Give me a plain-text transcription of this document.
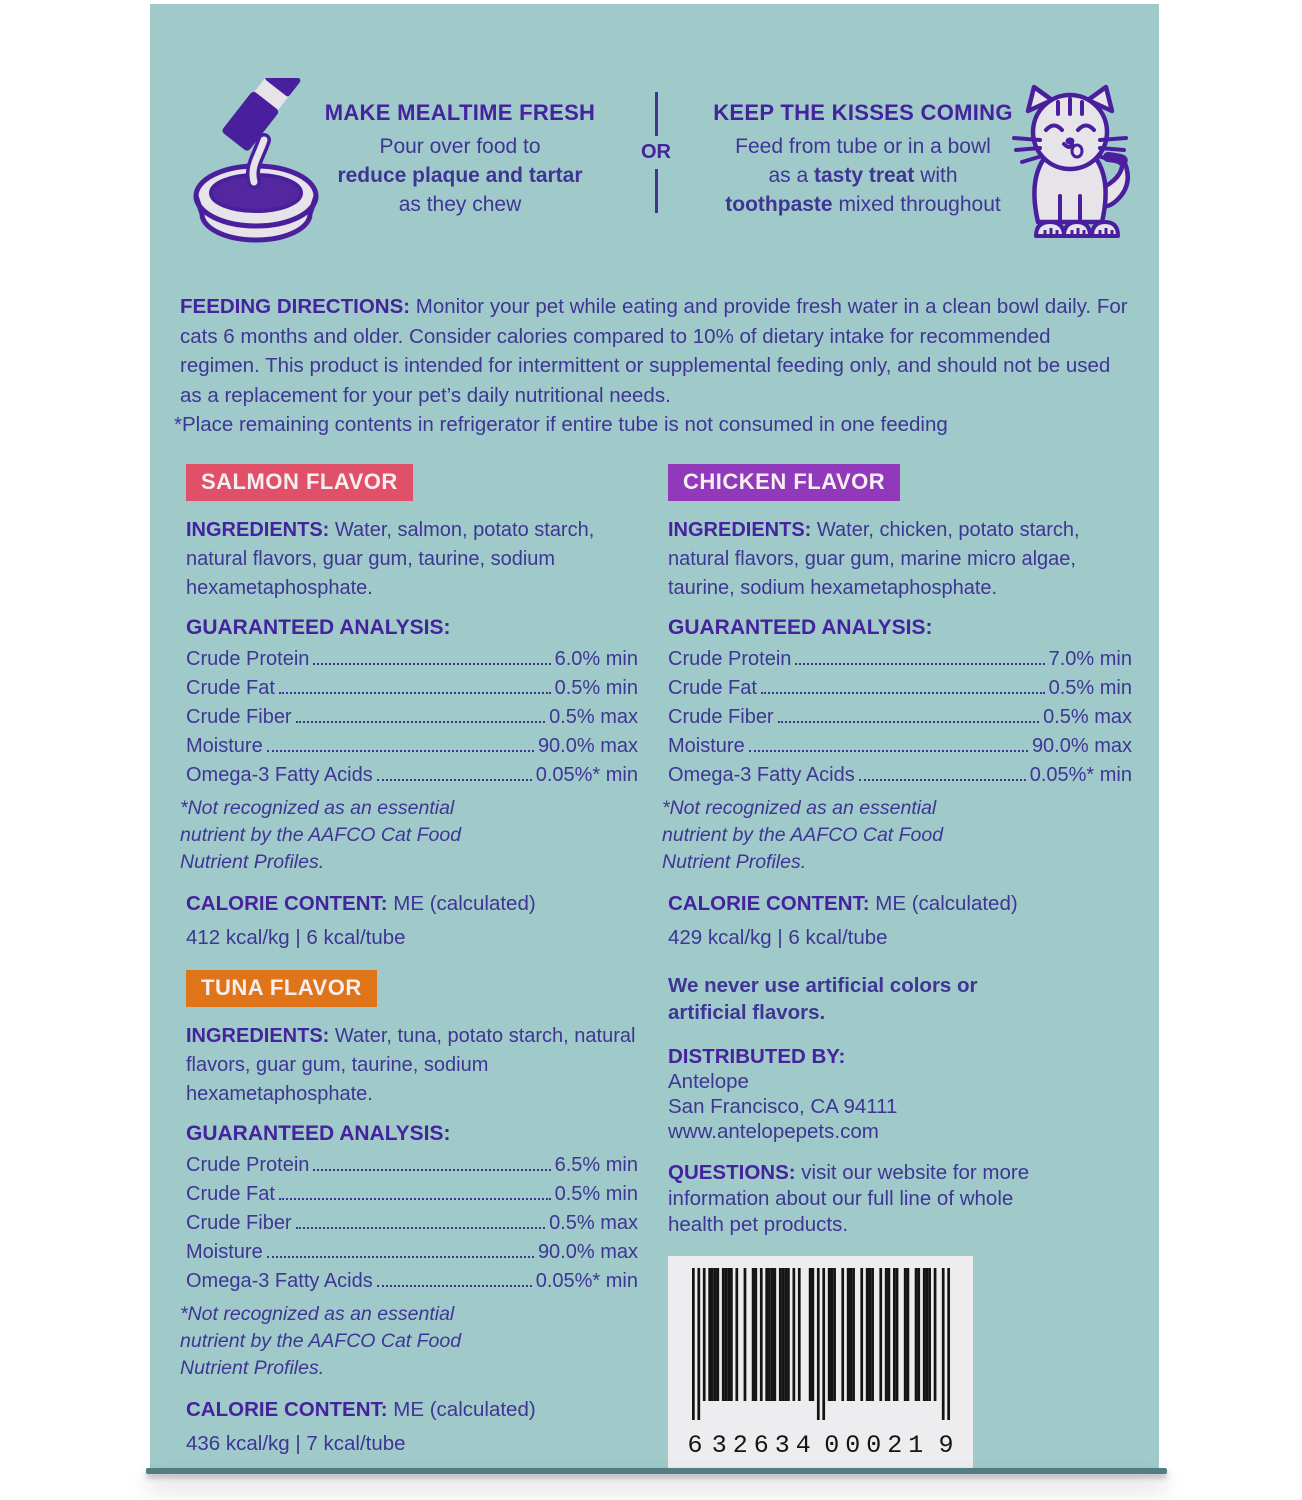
MAKE MEALTIME FRESH
Pour over food to
reduce plaque and tartar
as they chew
OR
KEEP THE KISSES COMING
Feed from tube or in a bowl
as a tasty treat with
toothpaste mixed throughout
FEEDING DIRECTIONS: Monitor your pet while eating and provide fresh water in a clean bowl daily. For cats 6 months and older. Consider calories compared to 10% of dietary intake for recommended regimen. This product is intended for intermittent or supplemental feeding only, and should not be used as a replacement for your pet’s daily nutritional needs.
*Place remaining contents in refrigerator if entire tube is not consumed in one feeding
SALMON FLAVOR
INGREDIENTS: Water, salmon, potato starch, natural flavors, guar gum, taurine, sodium hexametaphosphate.
GUARANTEED ANALYSIS:
Crude Protein	6.0% min
Crude Fat	0.5% min
Crude Fiber	0.5% max
Moisture	90.0% max
Omega-3 Fatty Acids	0.05%* min
*Not recognized as an essential nutrient by the AAFCO Cat Food Nutrient Profiles.
CALORIE CONTENT: ME (calculated)
412 kcal/kg | 6 kcal/tube
CHICKEN FLAVOR
INGREDIENTS: Water, chicken, potato starch, natural flavors, guar gum, marine micro algae, taurine, sodium hexametaphosphate.
GUARANTEED ANALYSIS:
Crude Protein	7.0% min
Crude Fat	0.5% min
Crude Fiber	0.5% max
Moisture	90.0% max
Omega-3 Fatty Acids	0.05%* min
*Not recognized as an essential nutrient by the AAFCO Cat Food Nutrient Profiles.
CALORIE CONTENT: ME (calculated)
429 kcal/kg | 6 kcal/tube
TUNA FLAVOR
INGREDIENTS: Water, tuna, potato starch, natural flavors, guar gum, taurine, sodium hexametaphosphate.
GUARANTEED ANALYSIS:
Crude Protein	6.5% min
Crude Fat	0.5% min
Crude Fiber	0.5% max
Moisture	90.0% max
Omega-3 Fatty Acids	0.05%* min
*Not recognized as an essential nutrient by the AAFCO Cat Food Nutrient Profiles.
CALORIE CONTENT: ME (calculated)
436 kcal/kg | 7 kcal/tube
We never use artificial colors or artificial flavors.
DISTRIBUTED BY:
Antelope
San Francisco, CA 94111
www.antelopepets.com
QUESTIONS: visit our website for more information about our full line of whole health pet products.
6 32634 00021 9
